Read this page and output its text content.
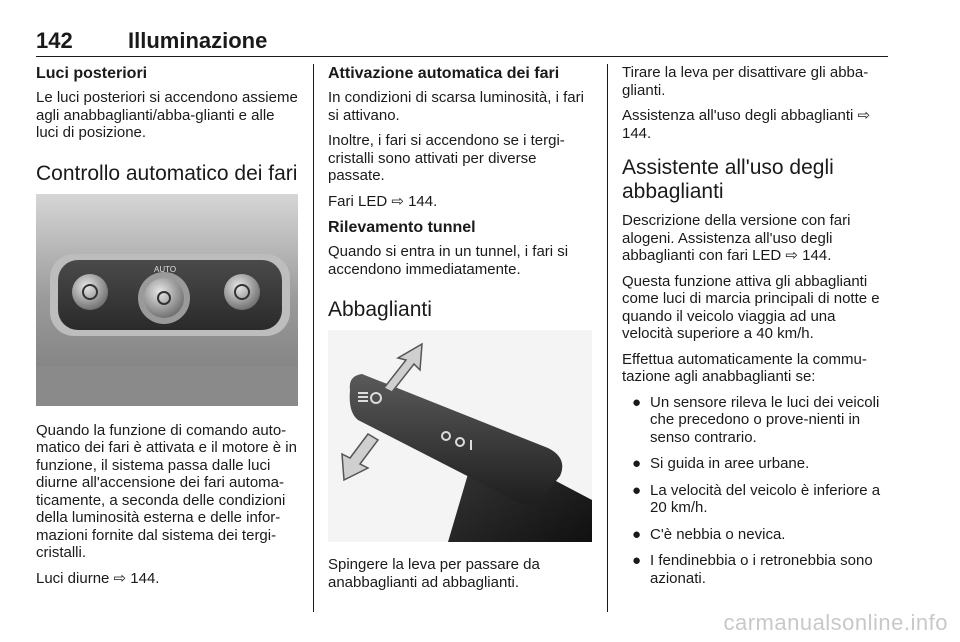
142	Illuminazione
Luci posteriori

Le luci posteriori si accendono assieme agli anabbaglianti/abba-glianti e alle luci di posizione.

Controllo automatico dei fari
AUTO

Quando la funzione di comando auto-matico dei fari è attivata e il motore è in funzione, il sistema passa dalle luci diurne all'accensione dei fari automa-ticamente, a seconda delle condizioni della luminosità esterna e delle infor-mazioni fornite dal sistema dei tergi-cristalli.

Luci diurne ⇨ 144.

Attivazione automatica dei fari

In condizioni di scarsa luminosità, i fari si attivano.

Inoltre, i fari si accendono se i tergi-cristalli sono attivati per diverse passate.

Fari LED ⇨ 144.

Rilevamento tunnel

Quando si entra in un tunnel, i fari si accendono immediatamente.

Abbaglianti

Spingere la leva per passare da anabbaglianti ad abbaglianti.

Tirare la leva per disattivare gli abba-glianti.

Assistenza all'uso degli abbaglianti ⇨ 144.

Assistente all'uso degli abbaglianti

Descrizione della versione con fari alogeni. Assistenza all'uso degli abbaglianti con fari LED ⇨ 144.

Questa funzione attiva gli abbaglianti come luci di marcia principali di notte e quando il veicolo viaggia ad una velocità superiore a 40 km/h.

Effettua automaticamente la commu-tazione agli anabbaglianti se:

● Un sensore rileva le luci dei veicoli che precedono o prove-nienti in senso contrario.
● Si guida in aree urbane.
● La velocità del veicolo è inferiore a 20 km/h.
● C'è nebbia o nevica.
● I fendinebbia o i retronebbia sono azionati.
carmanualsonline.info
